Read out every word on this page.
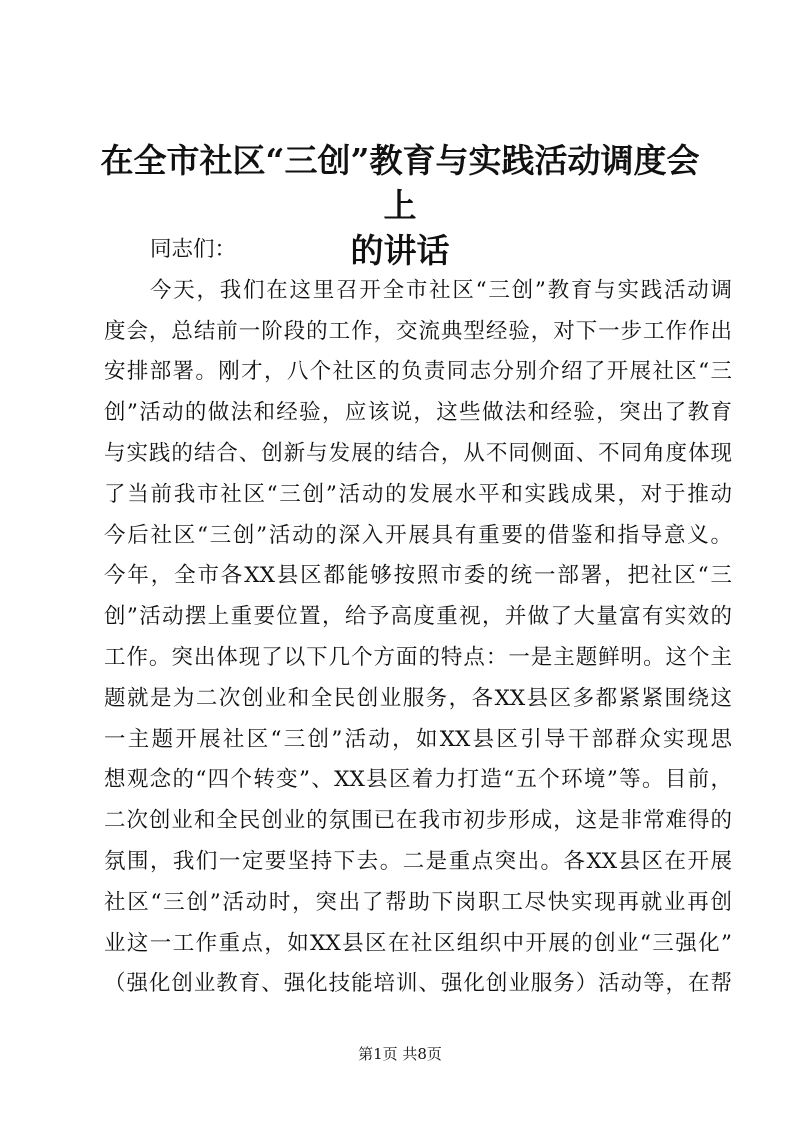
在全市社区“三创”教育与实践活动调度会上
的讲话
同志们：
今天，我们在这里召开全市社区“三创”教育与实践活动调
度会，总结前一阶段的工作，交流典型经验，对下一步工作作出
安排部署。刚才，八个社区的负责同志分别介绍了开展社区“三
创”活动的做法和经验，应该说，这些做法和经验，突出了教育
与实践的结合、创新与发展的结合，从不同侧面、不同角度体现
了当前我市社区“三创”活动的发展水平和实践成果，对于推动
今后社区“三创”活动的深入开展具有重要的借鉴和指导意义。
今年，全市各XX县区都能够按照市委的统一部署，把社区“三
创”活动摆上重要位置，给予高度重视，并做了大量富有实效的
工作。突出体现了以下几个方面的特点：一是主题鲜明。这个主
题就是为二次创业和全民创业服务，各XX县区多都紧紧围绕这
一主题开展社区“三创”活动，如XX县区引导干部群众实现思
想观念的“四个转变”、XX县区着力打造“五个环境”等。目前，
二次创业和全民创业的氛围已在我市初步形成，这是非常难得的
氛围，我们一定要坚持下去。二是重点突出。各XX县区在开展
社区“三创”活动时，突出了帮助下岗职工尽快实现再就业再创
业这一工作重点，如XX县区在社区组织中开展的创业“三强化”
（强化创业教育、强化技能培训、强化创业服务）活动等，在帮
第1页 共8页
